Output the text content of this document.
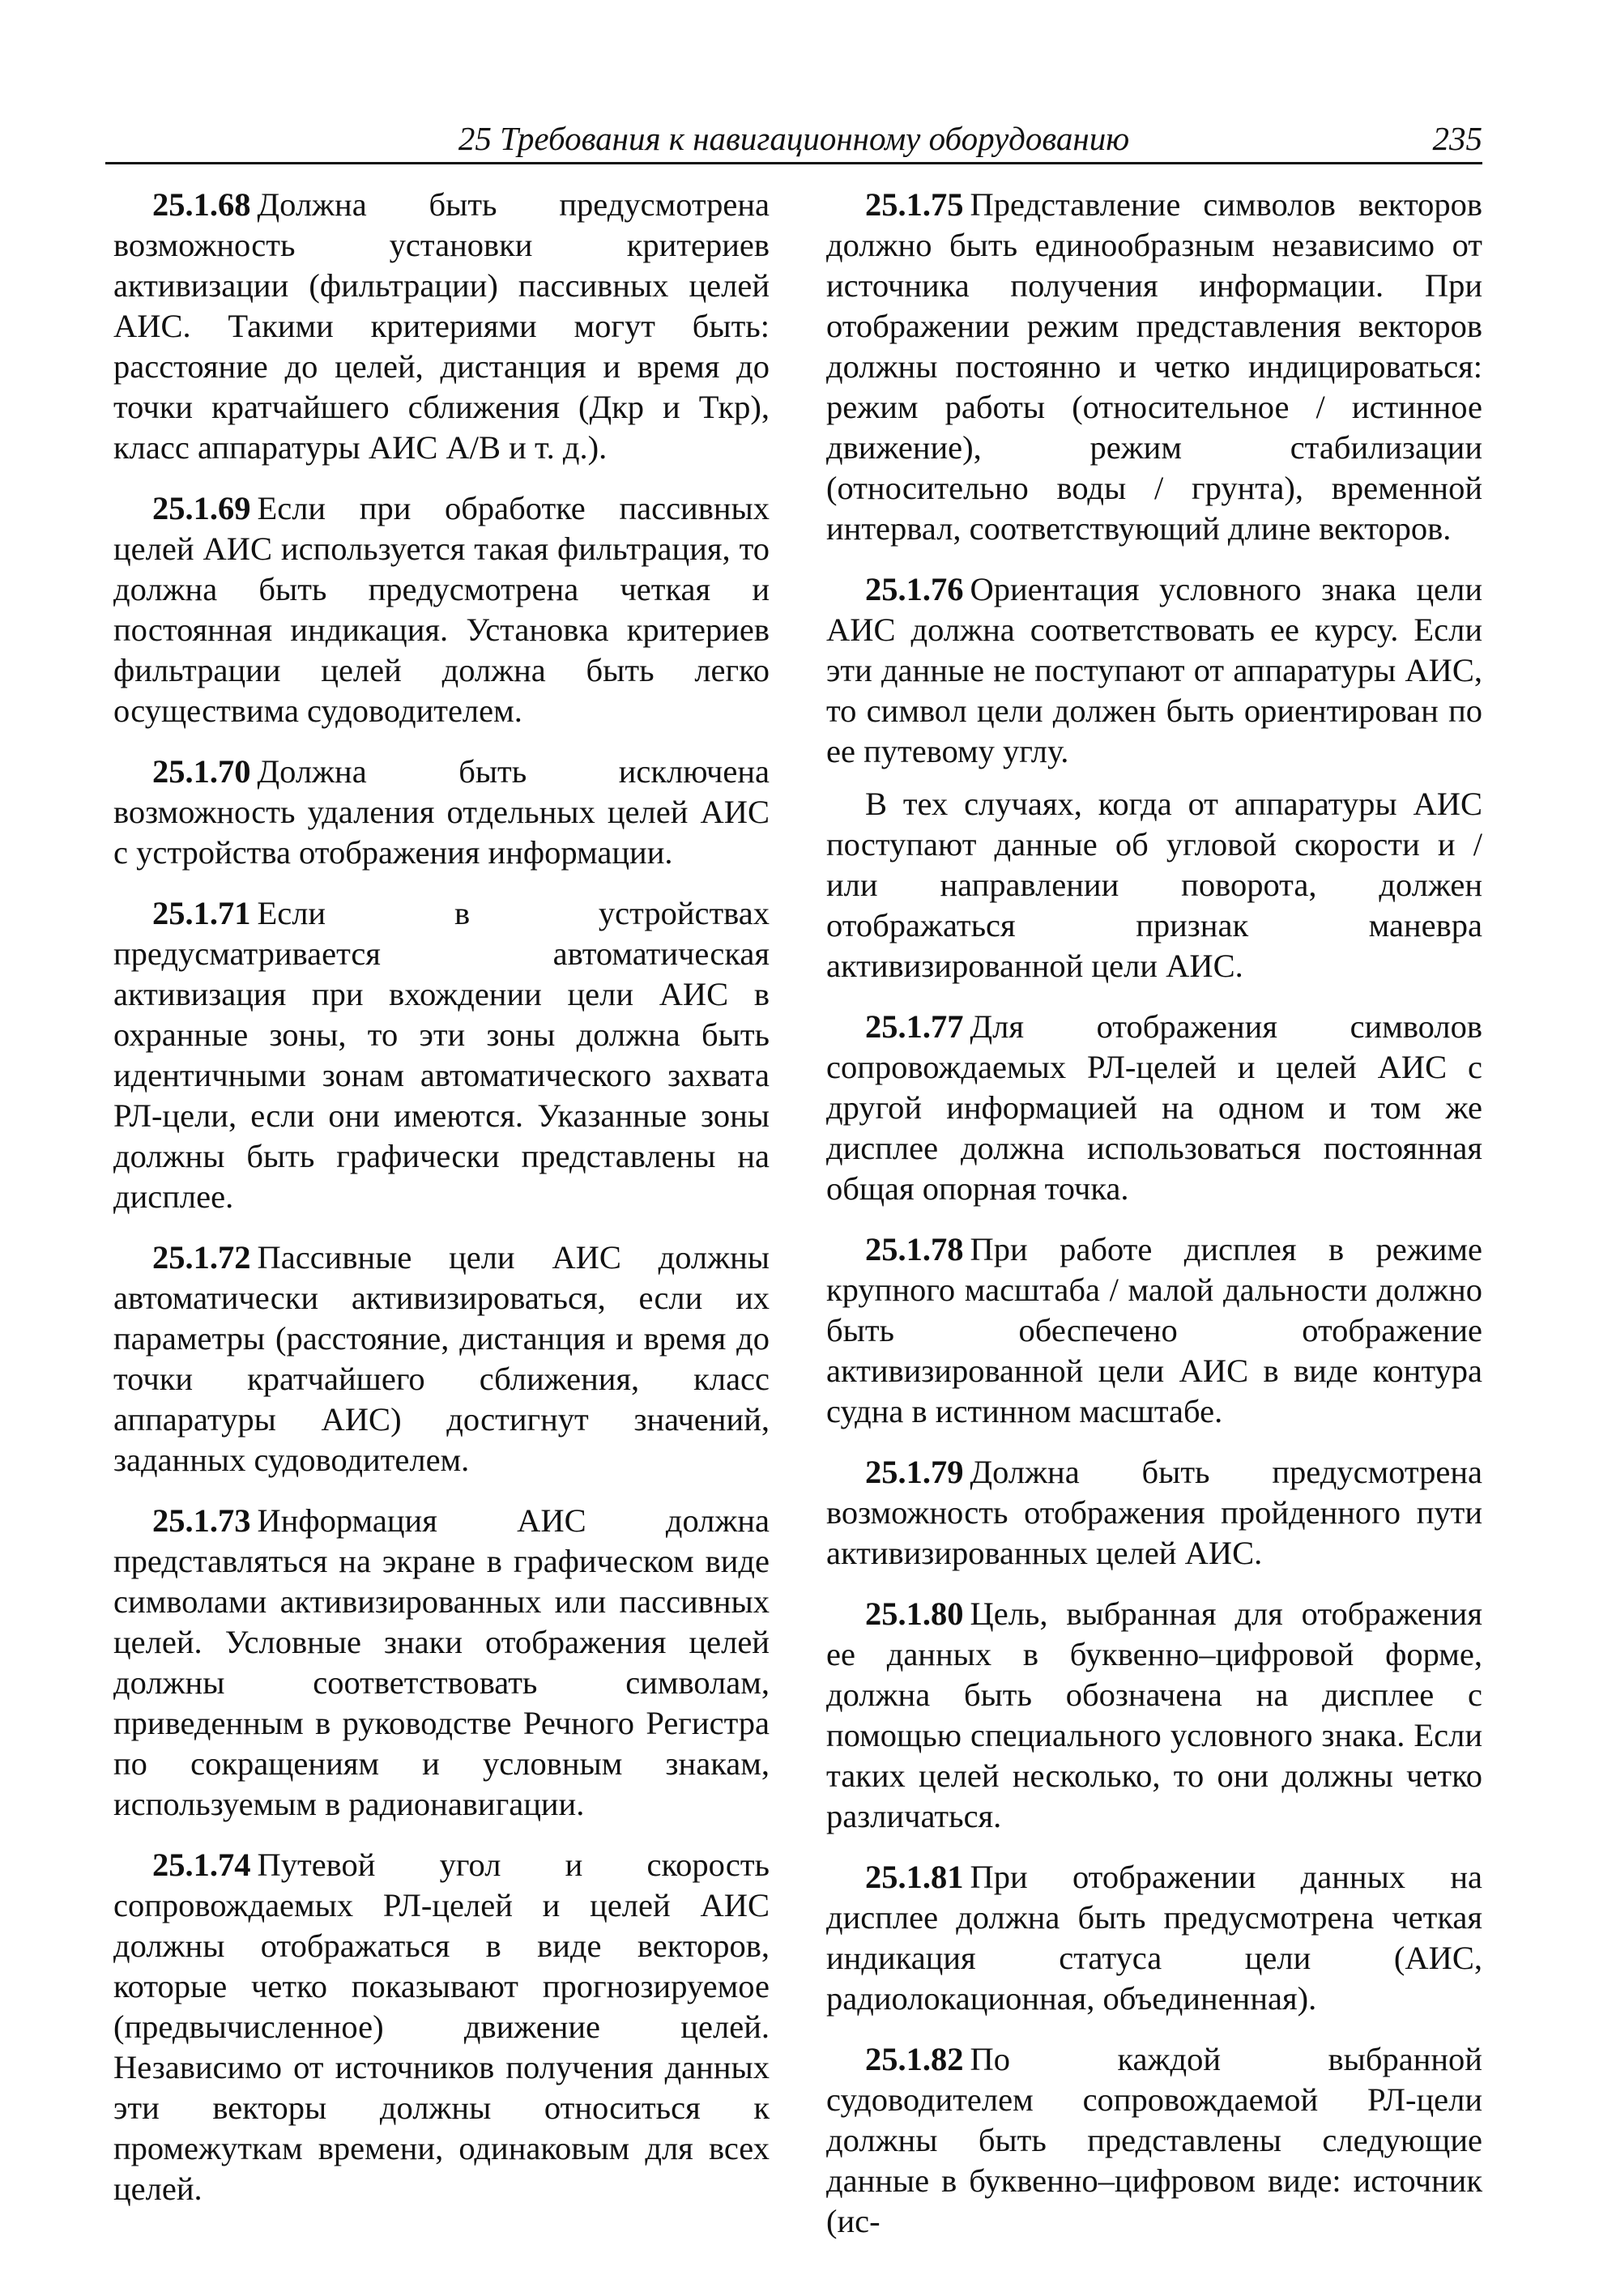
25 Требования к навигационному оборудованию	235

25.1.68 Должна быть предусмотрена возможность установки критериев активизации (фильтрации) пассивных целей АИС. Такими критериями могут быть: расстояние до целей, дистанция и время до точки кратчайшего сближения (Дкр и Ткр), класс аппаратуры АИС А/В и т. д.).

25.1.69 Если при обработке пассивных целей АИС используется такая фильтрация, то должна быть предусмотрена четкая и постоянная индикация. Установка критериев фильтрации целей должна быть легко осуществима судоводителем.

25.1.70 Должна быть исключена возможность удаления отдельных целей АИС с устройства отображения информации.

25.1.71 Если в устройствах предусматривается автоматическая активизация при вхождении цели АИС в охранные зоны, то эти зоны должна быть идентичными зонам автоматического захвата РЛ-цели, если они имеются. Указанные зоны должны быть графически представлены на дисплее.

25.1.72 Пассивные цели АИС должны автоматически активизироваться, если их параметры (расстояние, дистанция и время до точки кратчайшего сближения, класс аппаратуры АИС) достигнут значений, заданных судоводителем.

25.1.73 Информация АИС должна представляться на экране в графическом виде символами активизированных или пассивных целей. Условные знаки отображения целей должны соответствовать символам, приведенным в руководстве Речного Регистра по сокращениям и условным знакам, используемым в радионавигации.

25.1.74 Путевой угол и скорость сопровождаемых РЛ-целей и целей АИС должны отображаться в виде векторов, которые четко показывают прогнозируемое (предвычисленное) движение целей. Независимо от источников получения данных эти векторы должны относиться к промежуткам времени, одинаковым для всех целей.

25.1.75 Представление символов векторов должно быть единообразным независимо от источника получения информации. При отображении режим представления векторов должны постоянно и четко индицироваться: режим работы (относительное / истинное движение), режим стабилизации (относительно воды / грунта), временной интервал, соответствующий длине векторов.

25.1.76 Ориентация условного знака цели АИС должна соответствовать ее курсу. Если эти данные не поступают от аппаратуры АИС, то символ цели должен быть ориентирован по ее путевому углу.

В тех случаях, когда от аппаратуры АИС поступают данные об угловой скорости и / или направлении поворота, должен отображаться признак маневра активизированной цели АИС.

25.1.77 Для отображения символов сопровождаемых РЛ-целей и целей АИС с другой информацией на одном и том же дисплее должна использоваться постоянная общая опорная точка.

25.1.78 При работе дисплея в режиме крупного масштаба / малой дальности должно быть обеспечено отображение активизированной цели АИС в виде контура судна в истинном масштабе.

25.1.79 Должна быть предусмотрена возможность отображения пройденного пути активизированных целей АИС.

25.1.80 Цель, выбранная для отображения ее данных в буквенно–цифровой форме, должна быть обозначена на дисплее с помощью специального условного знака. Если таких целей несколько, то они должны четко различаться.

25.1.81 При отображении данных на дисплее должна быть предусмотрена четкая индикация статуса цели (АИС, радиолокационная, объединенная).

25.1.82 По каждой выбранной судоводителем сопровождаемой РЛ-цели должны быть представлены следующие данные в буквенно–цифровом виде: источник (ис-
